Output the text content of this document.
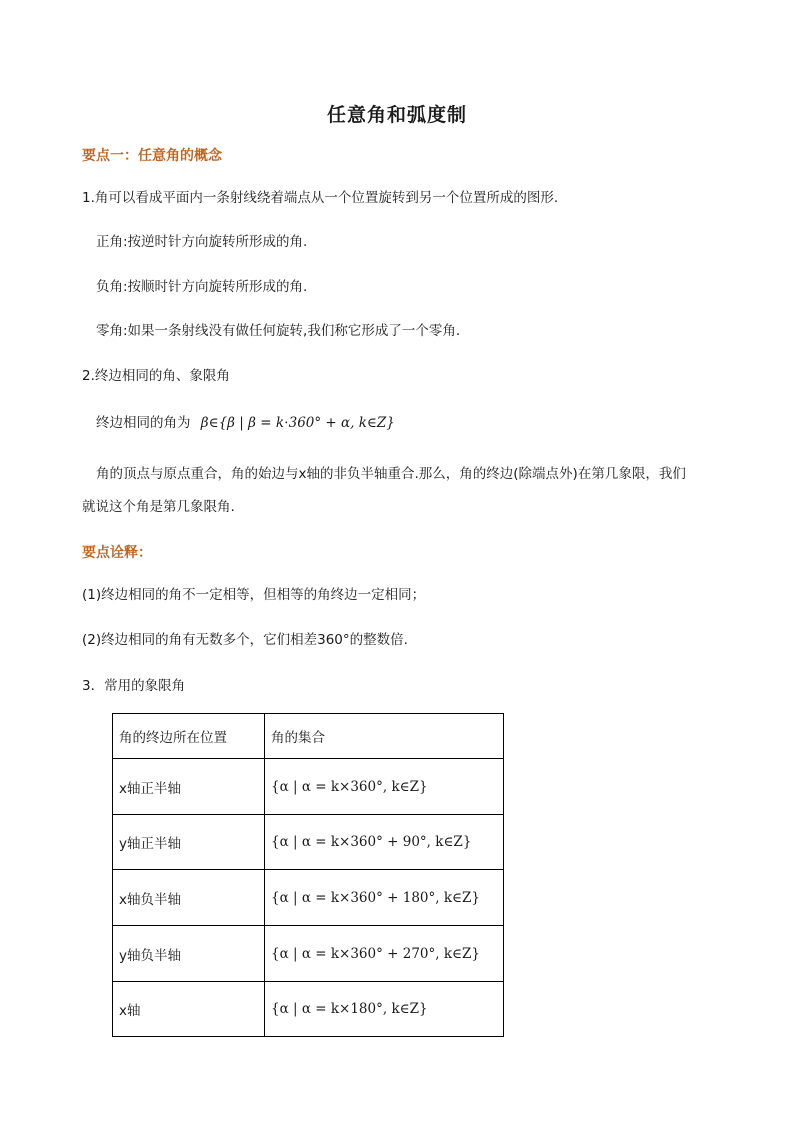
任意角和弧度制
要点一：任意角的概念
1.角可以看成平面内一条射线绕着端点从一个位置旋转到另一个位置所成的图形.
正角:按逆时针方向旋转所形成的角.
负角:按顺时针方向旋转所形成的角.
零角:如果一条射线没有做任何旋转,我们称它形成了一个零角.
2.终边相同的角、象限角
终边相同的角为 β∈{β | β = k⋅360° + α, k∈Z}
角的顶点与原点重合，角的始边与x轴的非负半轴重合.那么，角的终边(除端点外)在第几象限，我们
就说这个角是第几象限角.
要点诠释：
(1)终边相同的角不一定相等，但相等的角终边一定相同；
(2)终边相同的角有无数多个，它们相差360°的整数倍.
3．常用的象限角
角的终边所在位置	角的集合
x轴正半轴	{α | α = k×360°, k∈Z}
y轴正半轴	{α | α = k×360° + 90°, k∈Z}
x轴负半轴	{α | α = k×360° + 180°, k∈Z}
y轴负半轴	{α | α = k×360° + 270°, k∈Z}
x轴	{α | α = k×180°, k∈Z}
